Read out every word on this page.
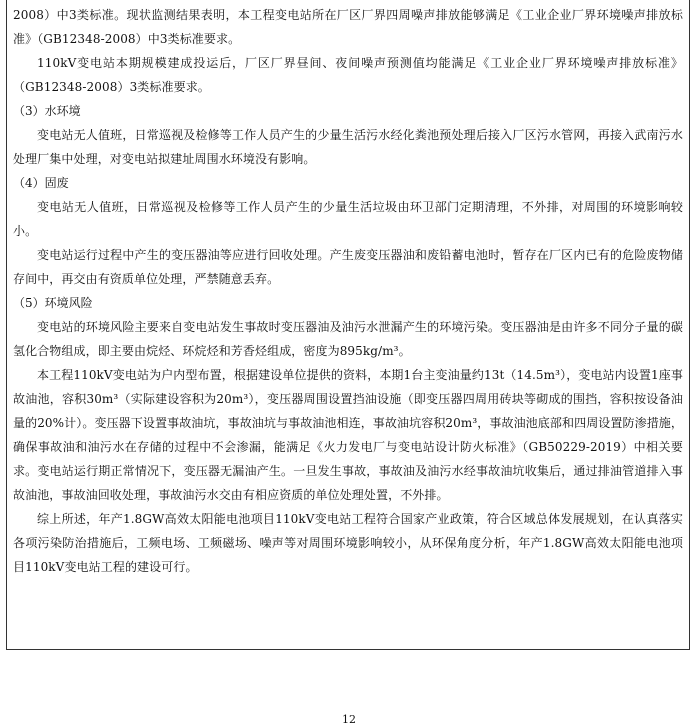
2008）中3类标准。现状监测结果表明，本工程变电站所在厂区厂界四周噪声排放能够满足《工业企业厂界环境噪声排放标准》（GB12348-2008）中3类标准要求。

110kV变电站本期规模建成投运后，厂区厂界昼间、夜间噪声预测值均能满足《工业企业厂界环境噪声排放标准》（GB12348-2008）3类标准要求。

（3）水环境

变电站无人值班，日常巡视及检修等工作人员产生的少量生活污水经化粪池预处理后接入厂区污水管网，再接入武南污水处理厂集中处理，对变电站拟建址周围水环境没有影响。

（4）固废

变电站无人值班，日常巡视及检修等工作人员产生的少量生活垃圾由环卫部门定期清理，不外排，对周围的环境影响较小。

变电站运行过程中产生的变压器油等应进行回收处理。产生废变压器油和废铅蓄电池时，暂存在厂区内已有的危险废物储存间中，再交由有资质单位处理，严禁随意丢弃。

（5）环境风险

变电站的环境风险主要来自变电站发生事故时变压器油及油污水泄漏产生的环境污染。变压器油是由许多不同分子量的碳氢化合物组成，即主要由烷烃、环烷烃和芳香烃组成，密度为895kg/m³。

本工程110kV变电站为户内型布置，根据建设单位提供的资料，本期1台主变油量约13t（14.5m³），变电站内设置1座事故油池，容积30m³（实际建设容积为20m³），变压器周围设置挡油设施（即变压器四周用砖块等砌成的围挡，容积按设备油量的20%计）。变压器下设置事故油坑，事故油坑与事故油池相连，事故油坑容积20m³，事故油池底部和四周设置防渗措施，确保事故油和油污水在存储的过程中不会渗漏，能满足《火力发电厂与变电站设计防火标准》（GB50229-2019）中相关要求。变电站运行期正常情况下，变压器无漏油产生。一旦发生事故，事故油及油污水经事故油坑收集后，通过排油管道排入事故油池，事故油回收处理，事故油污水交由有相应资质的单位处理处置，不外排。

综上所述，年产1.8GW高效太阳能电池项目110kV变电站工程符合国家产业政策，符合区域总体发展规划，在认真落实各项污染防治措施后，工频电场、工频磁场、噪声等对周围环境影响较小，从环保角度分析，年产1.8GW高效太阳能电池项目110kV变电站工程的建设可行。

12
